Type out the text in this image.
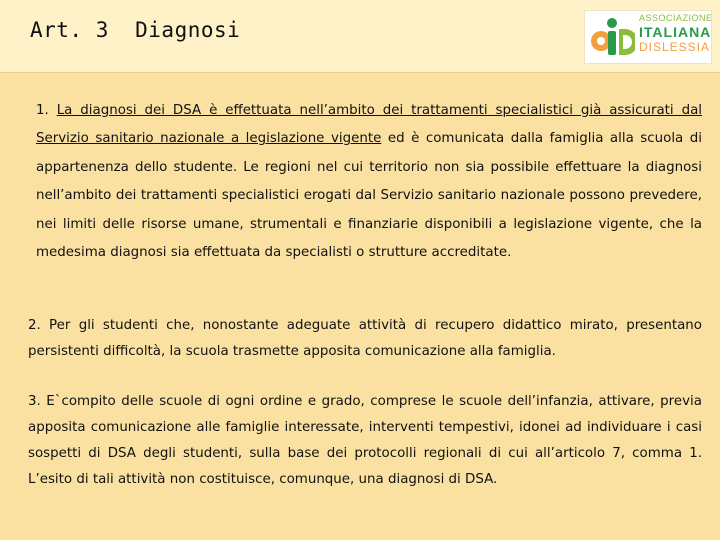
Art. 3  Diagnosi	ASSOCIAZIONE
ITALIANA
DISLESSIA
1. La diagnosi dei DSA è effettuata nell’ambito dei trattamenti specialistici già assicurati dal Servizio sanitario nazionale a legislazione vigente ed è comunicata dalla famiglia alla scuola di appartenenza dello studente. Le regioni nel cui territorio non sia possibile effettuare la diagnosi nell’ambito dei trattamenti specialistici erogati dal Servizio sanitario nazionale possono prevedere, nei limiti delle risorse umane, strumentali e finanziarie disponibili a legislazione vigente, che la medesima diagnosi sia effettuata da specialisti o strutture accreditate.
2. Per gli studenti che, nonostante adeguate attività di recupero didattico mirato, presentano persistenti difficoltà, la scuola trasmette apposita comunicazione alla famiglia.
3. E`compito delle scuole di ogni ordine e grado, comprese le scuole dell’infanzia, attivare, previa apposita comunicazione alle famiglie interessate, interventi tempestivi, idonei ad individuare i casi sospetti di DSA degli studenti, sulla base dei protocolli regionali di cui all’articolo 7, comma 1. L’esito di tali attività non costituisce, comunque, una diagnosi di DSA.
